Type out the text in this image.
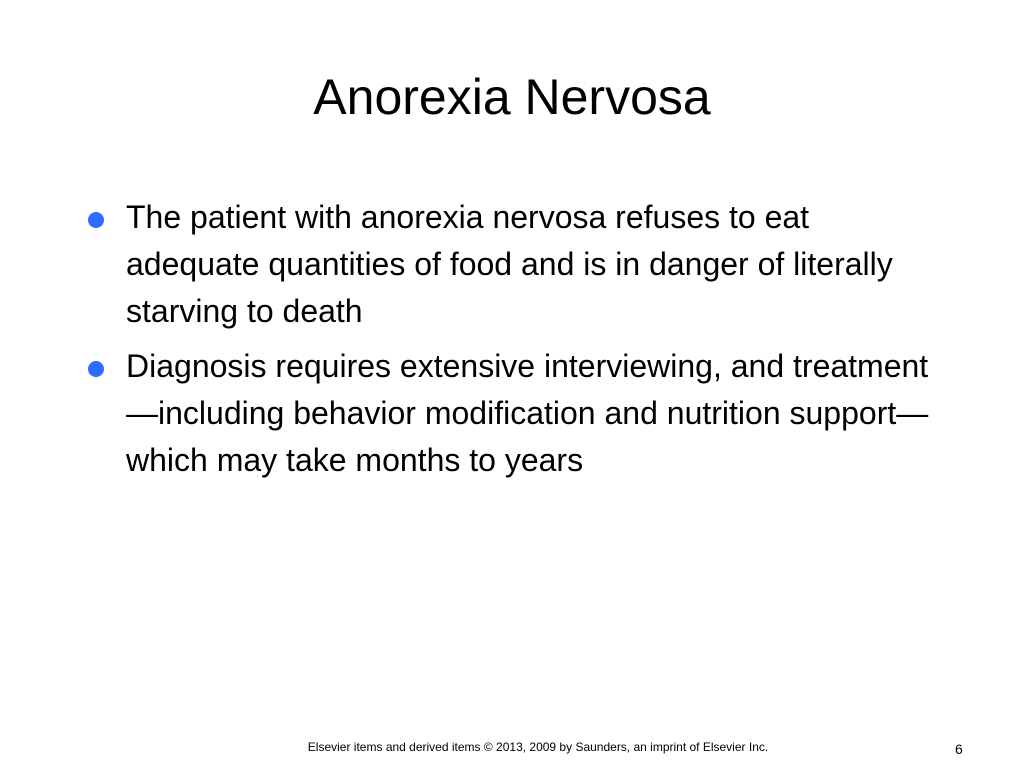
Anorexia Nervosa
The patient with anorexia nervosa refuses to eat adequate quantities of food and is in danger of literally starving to death
Diagnosis requires extensive interviewing, and treatment—including behavior modification and nutrition support—which may take months to years
Elsevier items and derived items © 2013, 2009 by Saunders, an imprint of Elsevier Inc.	6
